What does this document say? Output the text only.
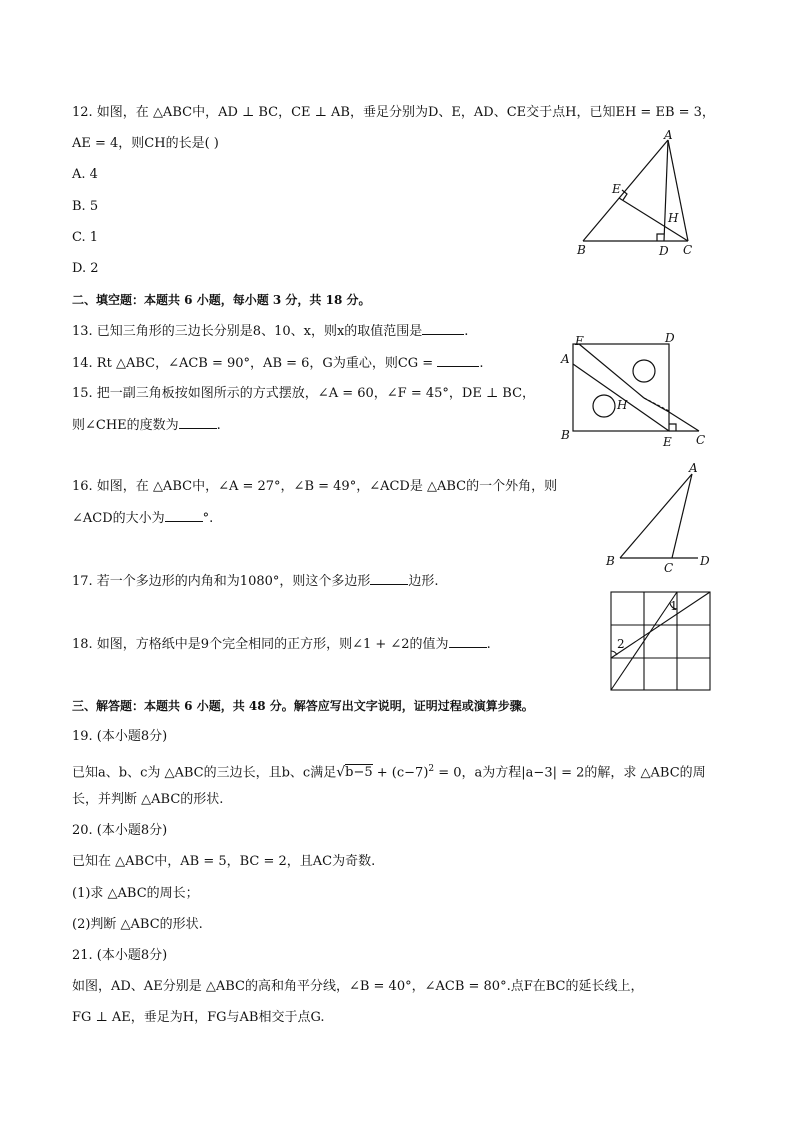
12. 如图，在 △ABC中，AD ⊥ BC，CE ⊥ AB，垂足分别为D、E，AD、CE交于点H，已知EH = EB = 3，
AE = 4，则CH的长是( )
A. 4
B. 5
C. 1
D. 2
A
B	C
D
E
H
二、填空题：本题共 6 小题，每小题 3 分，共 18 分。
13. 已知三角形的三边长分别是8、10、x，则x的取值范围是	.
14. Rt △ABC，∠ACB = 90°，AB = 6，G为重心，则CG =	.
15. 把一副三角板按如图所示的方式摆放，∠A = 60，∠F = 45°，DE ⊥ BC，
则∠CHE的度数为	.
F	D
A
H
B	E C
16. 如图，在 △ABC中，∠A = 27°，∠B = 49°，∠ACD是 △ABC的一个外角，则
∠ACD的大小为	°.
A
B	C D
17. 若一个多边形的内角和为1080°，则这个多边形	边形.
18. 如图，方格纸中是9个完全相同的正方形，则∠1 + ∠2的值为	.
1
2
三、解答题：本题共 6 小题，共 48 分。解答应写出文字说明，证明过程或演算步骤。
19. (本小题8分)
已知a、b、c为 △ABC的三边长，且b、c满足$√b-5 + (c-7)^2 = 0$，a为方程|a−3| = 2的解，求 △ABC的周
长，并判断 △ABC的形状.
20. (本小题8分)
已知在 △ABC中，AB = 5，BC = 2，且AC为奇数.
(1)求 △ABC的周长；
(2)判断 △ABC的形状.
21. (本小题8分)
如图，AD、AE分别是 △ABC的高和角平分线，∠B = 40°，∠ACB = 80°.点F在BC的延长线上，
FG ⊥ AE，垂足为H，FG与AB相交于点G.
